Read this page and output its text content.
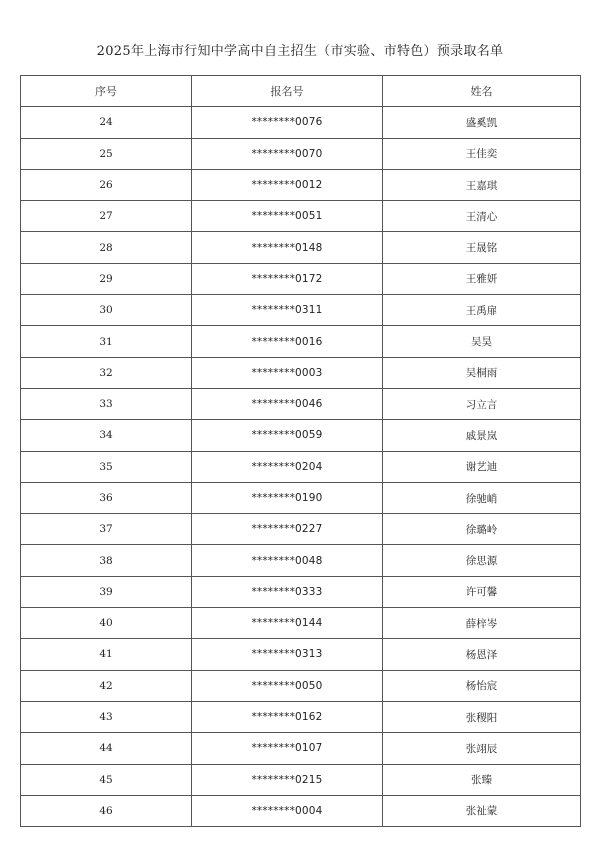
2025年上海市行知中学高中自主招生（市实验、市特色）预录取名单
序号	报名号	姓名
24	********0076	盛奚凯
25	********0070	王佳奕
26	********0012	王嘉琪
27	********0051	王清心
28	********0148	王晟铭
29	********0172	王雅妍
30	********0311	王禹扉
31	********0016	吴昊
32	********0003	吴桐雨
33	********0046	习立言
34	********0059	戚景岚
35	********0204	谢艺迪
36	********0190	徐驰峭
37	********0227	徐璐岭
38	********0048	徐思源
39	********0333	许可馨
40	********0144	薛梓岑
41	********0313	杨恩泽
42	********0050	杨怡宸
43	********0162	张稷阳
44	********0107	张翊辰
45	********0215	张臻
46	********0004	张祉蒙
